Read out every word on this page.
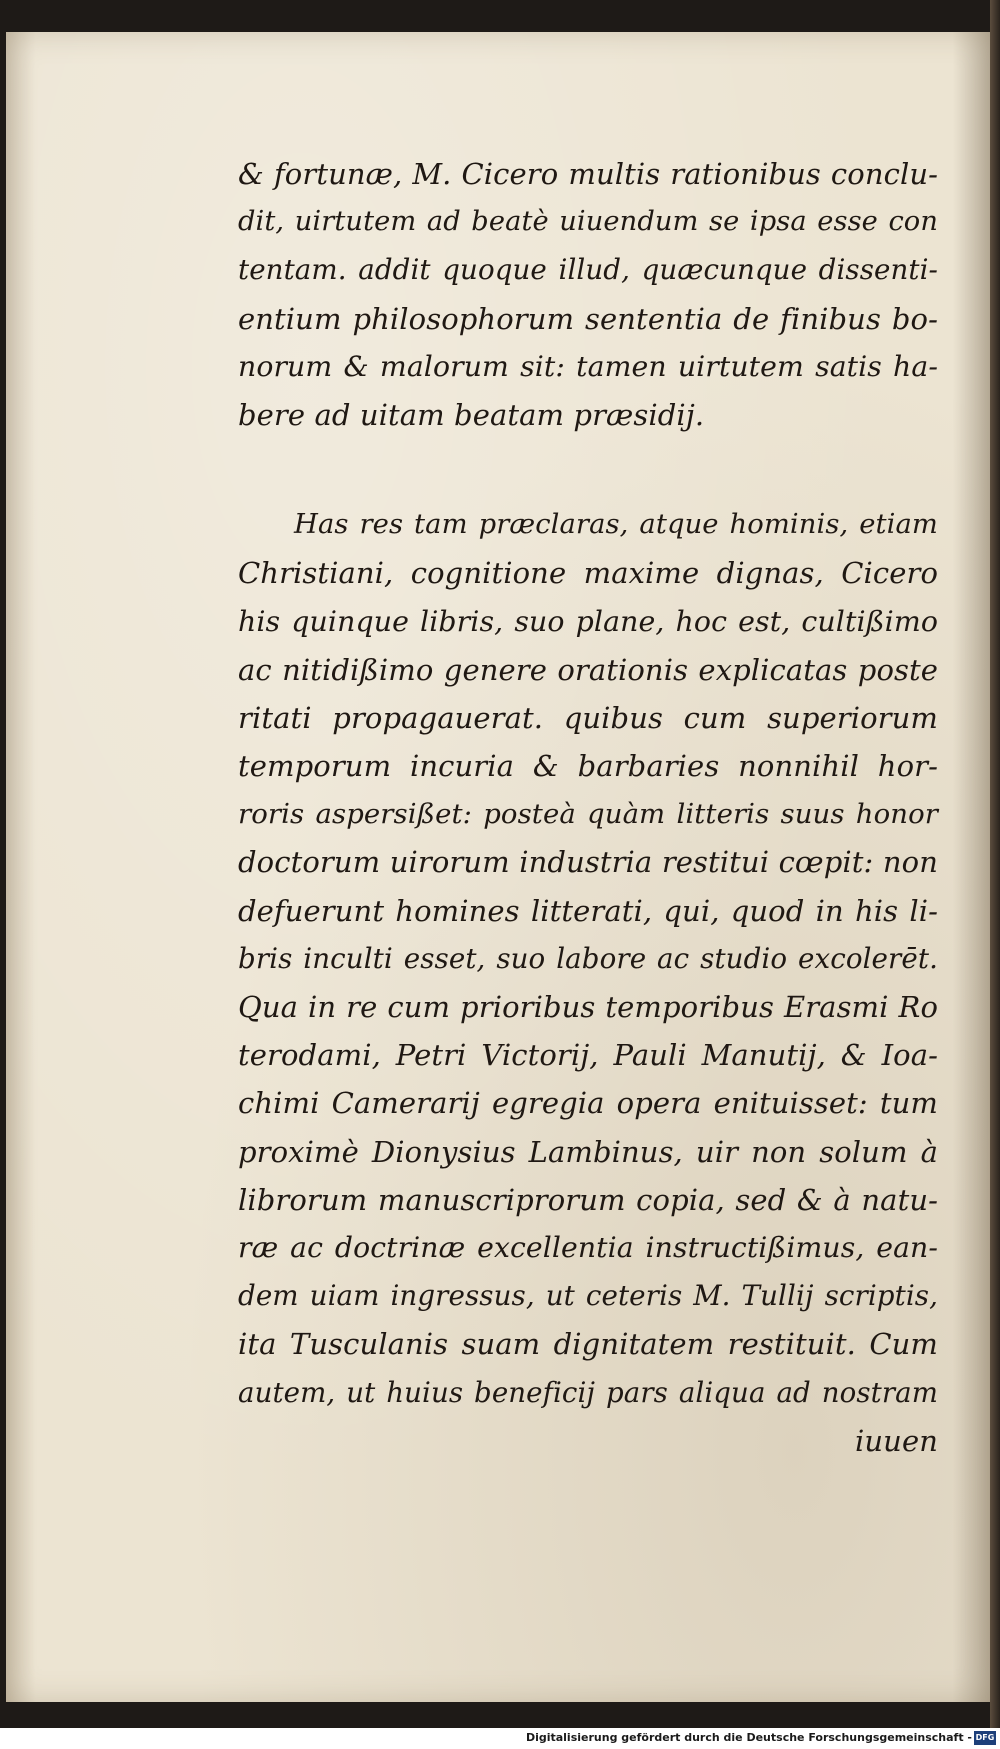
& fortunæ, M. Cicero multis rationibus conclu-
dit, uirtutem ad beatè uiuendum se ipsa esse con
tentam. addit quoque illud, quæcunque dissenti-
entium philosophorum sententia de finibus bo-
norum & malorum sit: tamen uirtutem satis ha-
bere ad uitam beatam præsidij.
Has res tam præclaras, atque hominis, etiam
Christiani, cognitione maxime dignas, Cicero
his quinque libris, suo plane, hoc est, cultißimo
ac nitidißimo genere orationis explicatas poste
ritati propagauerat. quibus cum superiorum
temporum incuria & barbaries nonnihil hor-
roris aspersißet: posteà quàm litteris suus honor
doctorum uirorum industria restitui cœpit: non
defuerunt homines litterati, qui, quod in his li-
bris inculti esset, suo labore ac studio excolerēt.
Qua in re cum prioribus temporibus Erasmi Ro
terodami, Petri Victorij, Pauli Manutij, & Ioa-
chimi Camerarij egregia opera enituisset: tum
proximè Dionysius Lambinus, uir non solum à
librorum manuscriprorum copia, sed & à natu-
ræ ac doctrinæ excellentia instructißimus, ean-
dem uiam ingressus, ut ceteris M. Tullij scriptis,
ita Tusculanis suam dignitatem restituit. Cum
autem, ut huius beneficij pars aliqua ad nostram
iuuen
Digitalisierung gefördert durch die Deutsche Forschungsgemeinschaft - DFG
